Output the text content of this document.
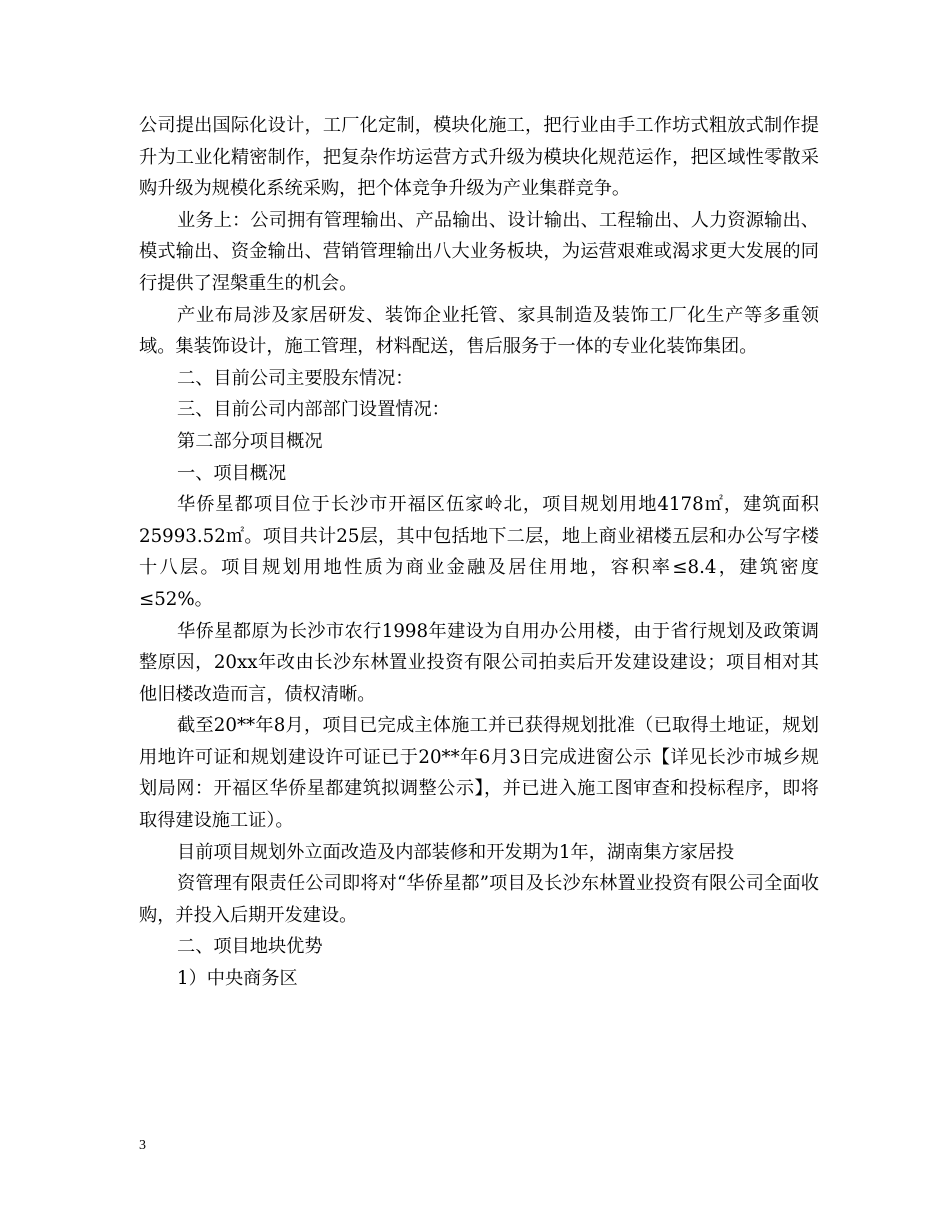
公司提出国际化设计，工厂化定制，模块化施工，把行业由手工作坊式粗放式制作提升为工业化精密制作，把复杂作坊运营方式升级为模块化规范运作，把区域性零散采购升级为规模化系统采购，把个体竞争升级为产业集群竞争。

业务上：公司拥有管理输出、产品输出、设计输出、工程输出、人力资源输出、模式输出、资金输出、营销管理输出八大业务板块，为运营艰难或渴求更大发展的同行提供了涅槃重生的机会。

产业布局涉及家居研发、装饰企业托管、家具制造及装饰工厂化生产等多重领域。集装饰设计，施工管理，材料配送，售后服务于一体的专业化装饰集团。

二、目前公司主要股东情况：

三、目前公司内部部门设置情况：

第二部分项目概况

一、项目概况

华侨星都项目位于长沙市开福区伍家岭北，项目规划用地4178㎡，建筑面积25993.52㎡。项目共计25层，其中包括地下二层，地上商业裙楼五层和办公写字楼十八层。项目规划用地性质为商业金融及居住用地，容积率≤8.4，建筑密度≤52%。

华侨星都原为长沙市农行1998年建设为自用办公用楼，由于省行规划及政策调整原因，20xx年改由长沙东林置业投资有限公司拍卖后开发建设建设；项目相对其他旧楼改造而言，债权清晰。

截至20**年8月，项目已完成主体施工并已获得规划批准（已取得土地证，规划用地许可证和规划建设许可证已于20**年6月3日完成进窗公示【详见长沙市城乡规划局网：开福区华侨星都建筑拟调整公示】，并已进入施工图审查和投标程序，即将取得建设施工证）。

目前项目规划外立面改造及内部装修和开发期为1年，湖南集方家居投

资管理有限责任公司即将对“华侨星都”项目及长沙东林置业投资有限公司全面收购，并投入后期开发建设。

二、项目地块优势

1）中央商务区

3
